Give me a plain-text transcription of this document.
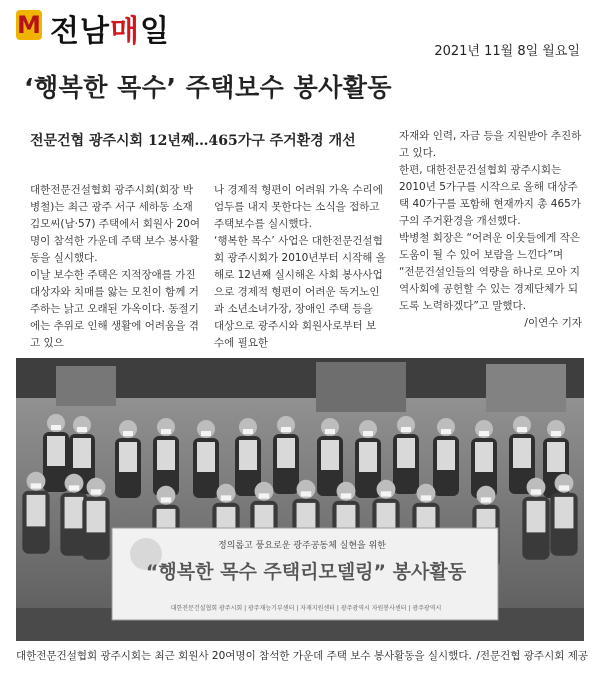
M 전남매일
2021년 11월 8일 월요일
‘행복한 목수’ 주택보수 봉사활동
전문건협 광주시회 12년째…465가구 주거환경 개선

대한전문건설협회 광주시회(회장 박병철)는 최근 광주 서구 세하동 소재 김모씨(남·57) 주택에서 회원사 20여명이 참석한 가운데 주택 보수 봉사활동을 실시했다.

이날 보수한 주택은 지적장애를 가진 대상자와 치매를 앓는 모친이 함께 거주하는 낡고 오래된 가옥이다. 동절기에는 추위로 인해 생활에 어려움을 겪고 있으

나 경제적 형편이 어려워 가옥 수리에 엄두를 내지 못한다는 소식을 접하고 주택보수를 실시했다.

‘행복한 목수’ 사업은 대한전문건설협회 광주시회가 2010년부터 시작해 올해로 12년째 실시해온 사회 봉사사업으로 경제적 형편이 어려운 독거노인과 소년소녀가장, 장애인 주택 등을 대상으로 광주시와 회원사로부터 보수에 필요한

자재와 인력, 자금 등을 지원받아 추진하고 있다.

한편, 대한전문건설협회 광주시회는 2010년 5가구를 시작으로 올해 대상주택 40가구를 포함해 현재까지 총 465가구의 주거환경을 개선했다.

박병철 회장은 “어려운 이웃들에게 작은 도움이 될 수 있어 보람을 느낀다”며 “전문건설인들의 역량을 하나로 모아 지역사회에 공헌할 수 있는 경제단체가 되도록 노력하겠다”고 말했다.

/이연수 기자

정의롭고 풍요로운 광주공동체 실현을 위한
“행복한 목수 주택리모델링” 봉사활동
대한전문건설협회 광주시회 | 광주재능기부센터 | 자재지원센터 | 광주광역시 자원봉사센터 | 광주광역시
대한전문건설협회 광주시회는 최근 회원사 20여명이 참석한 가운데 주택 보수 봉사활동을 실시했다. /전문건협 광주시회 제공
